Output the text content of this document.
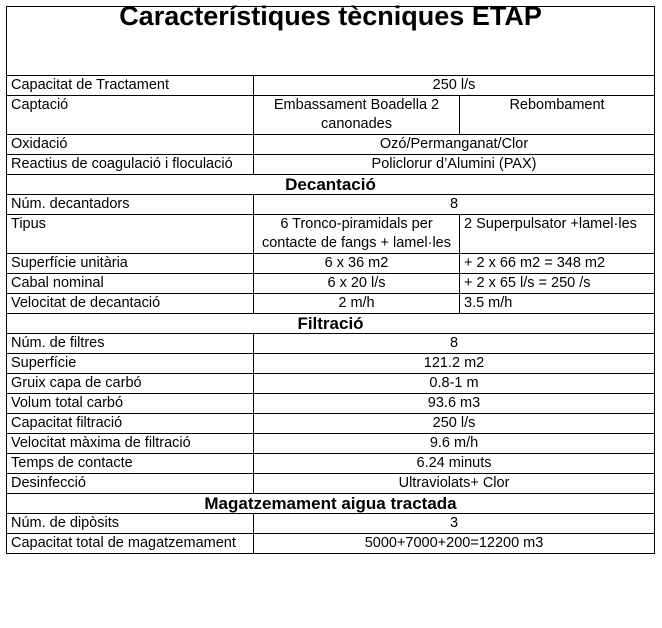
Característiques tècniques ETAP		
Capacitat de Tractament	250 l/s	
Captació	Embassament Boadella 2 canonades	Rebombament
Oxidació	Ozó/Permanganat/Clor	
Reactius de coagulació i floculació	Policlorur d’Alumini (PAX)	
Decantació		
Núm. decantadors	8	
Tipus	6 Tronco-piramidals per contacte de fangs + lamel·les	2 Superpulsator +lamel·les
Superfície unitària	6 x 36 m2	+ 2 x 66 m2 = 348 m2
Cabal nominal	6 x 20 l/s	+ 2 x 65 l/s = 250 /s
Velocitat de decantació	2 m/h	3.5 m/h
Filtració		
Núm. de filtres	8	
Superfície	121.2 m2	
Gruix capa de carbó	0.8-1 m	
Volum total carbó	93.6 m3	
Capacitat filtració	250 l/s	
Velocitat màxima de filtració	9.6 m/h	
Temps de contacte	6.24 minuts	
Desinfecció	Ultraviolats+ Clor	
Magatzemament aigua tractada		
Núm. de dipòsits	3	
Capacitat total de magatzemament	5000+7000+200=12200 m3	
